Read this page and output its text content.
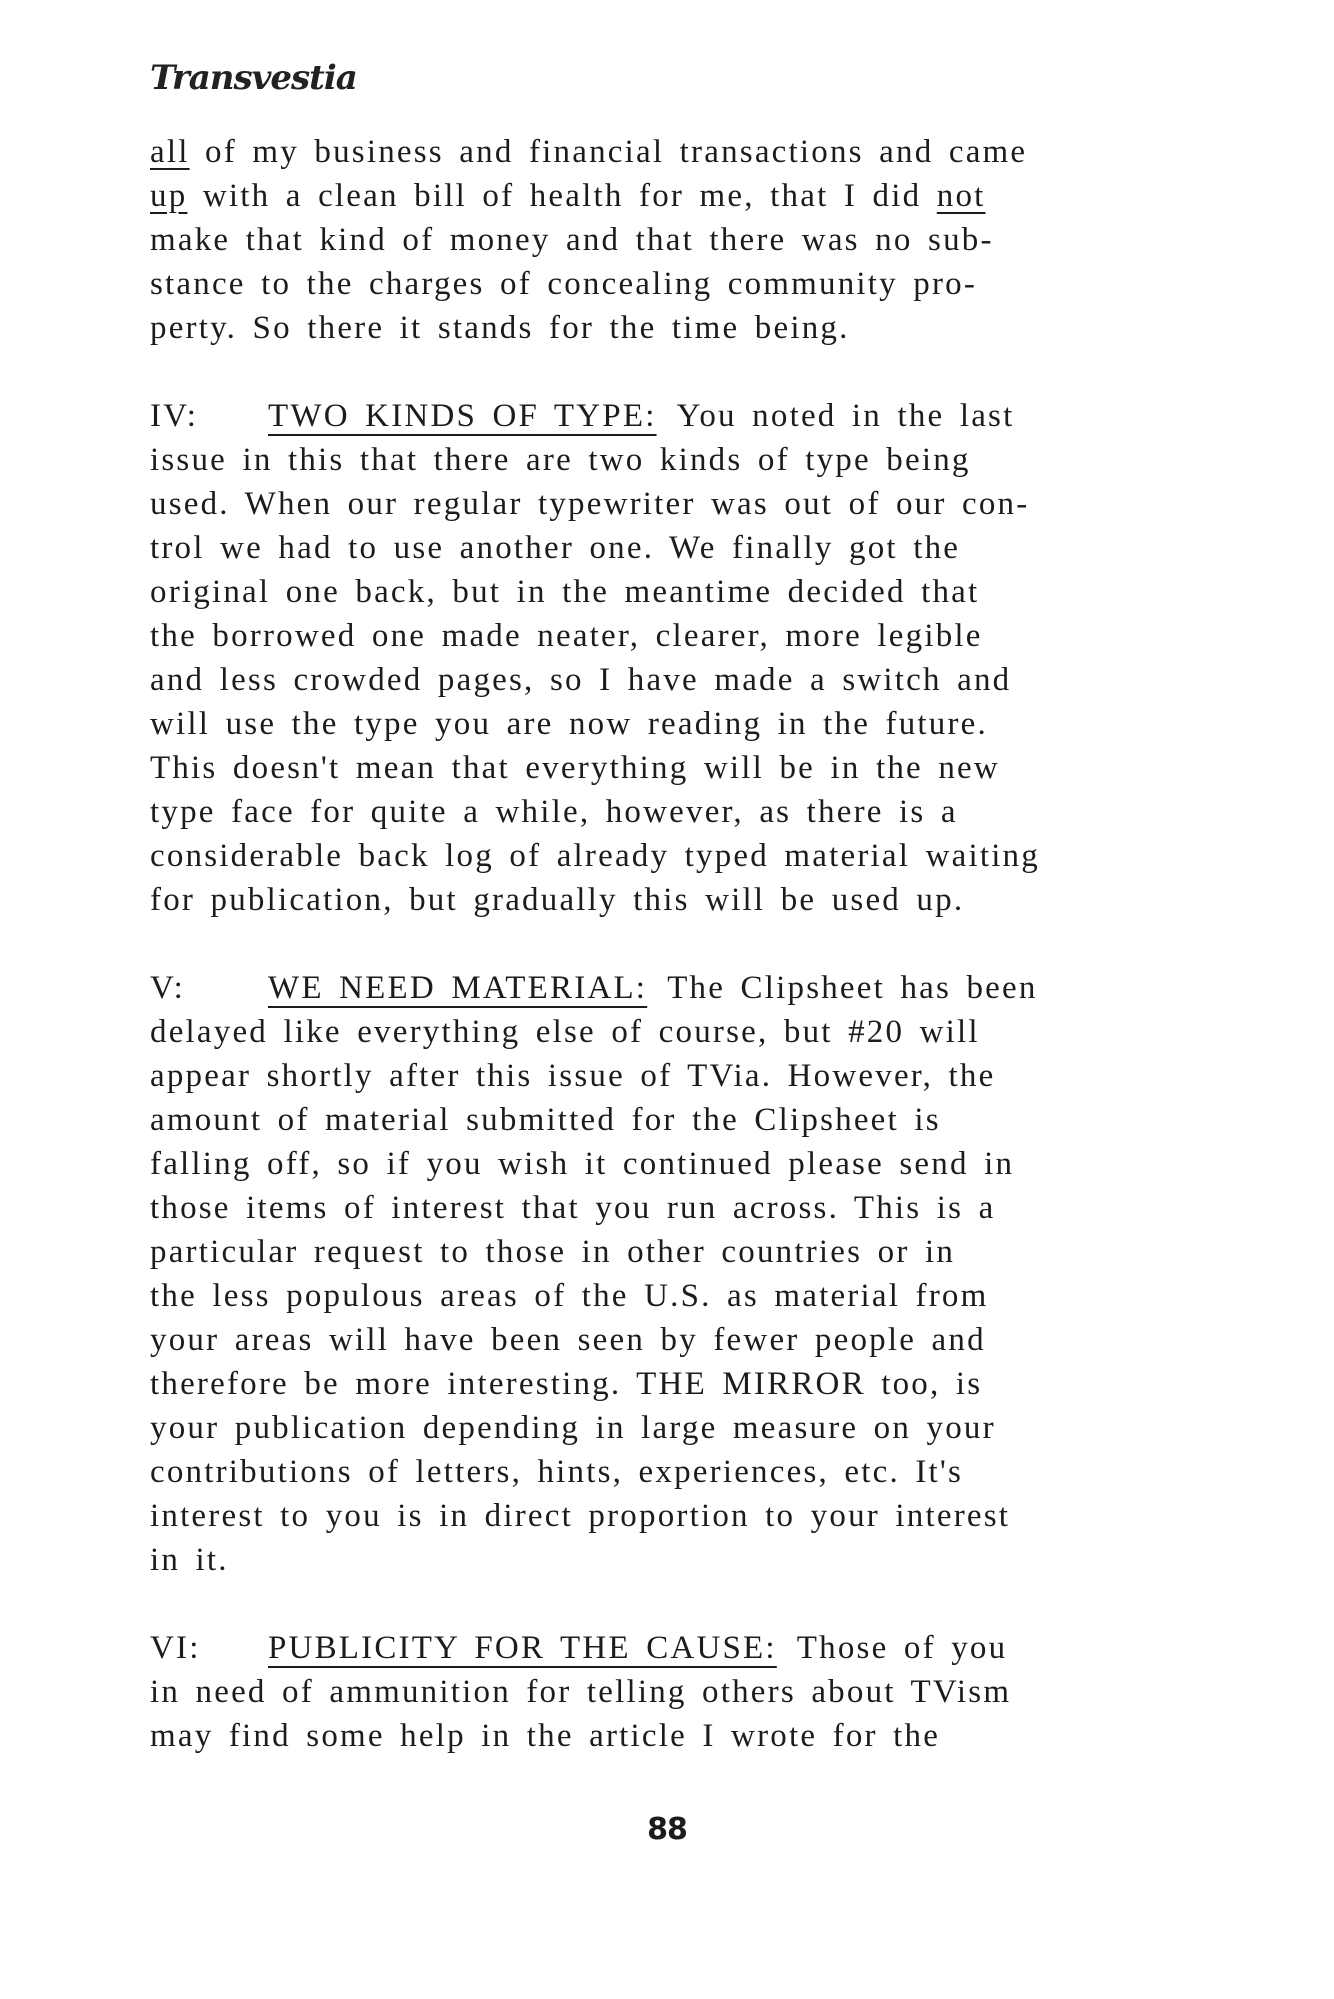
Transvestia
all of my business and financial transactions and came
up with a clean bill of health for me, that I did not
make that kind of money and that there was no sub-
stance to the charges of concealing community pro-
perty. So there it stands for the time being.
IV: TWO KINDS OF TYPE: You noted in the last
issue in this that there are two kinds of type being
used. When our regular typewriter was out of our con-
trol we had to use another one. We finally got the
original one back, but in the meantime decided that
the borrowed one made neater, clearer, more legible
and less crowded pages, so I have made a switch and
will use the type you are now reading in the future.
This doesn't mean that everything will be in the new
type face for quite a while, however, as there is a
considerable back log of already typed material waiting
for publication, but gradually this will be used up.
V:	WE NEED MATERIAL: The Clipsheet has been
delayed like everything else of course, but #20 will
appear shortly after this issue of TVia. However, the
amount of material submitted for the Clipsheet is
falling off, so if you wish it continued please send in
those items of interest that you run across. This is a
particular request to those in other countries or in
the less populous areas of the U.S. as material from
your areas will have been seen by fewer people and
therefore be more interesting. THE MIRROR too, is
your publication depending in large measure on your
contributions of letters, hints, experiences, etc. It's
interest to you is in direct proportion to your interest
in it.
VI: PUBLICITY FOR THE CAUSE: Those of you
in need of ammunition for telling others about TVism
may find some help in the article I wrote for the
88
